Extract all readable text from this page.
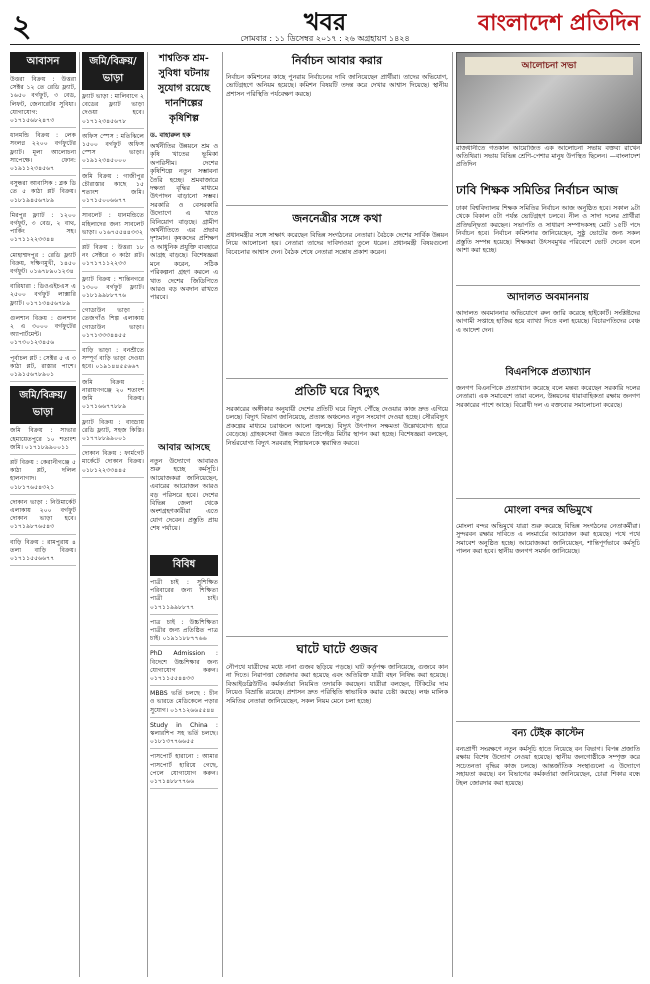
২	খবর	বাংলাদেশ প্রতিদিন
সোমবার : ১১ ডিসেম্বর ২০১৭ : ২৬ অগ্রহায়ণ ১৪২৪
আবাসন
উত্তরা বিক্রয় : উত্তরা সেক্টর ১২ তে রেডি ফ্ল্যাট, ১৬৫০ বর্গফুট, ৩ বেড, লিফট, জেনারেটর সুবিধা। যোগাযোগ: ০১৭১৫৬৮২৪৭৩
ধানমন্ডি বিক্রয় : লেক সংলগ্ন ২২০০ বর্গফুটের ফ্ল্যাট। মূল্য আলোচনা সাপেক্ষে। ফোন: ০১৯১১২৩৪৫৬৭
বসুন্ধরা আবাসিক : ব্লক ডি তে ৫ কাঠা প্লট বিক্রয়। ০১৮১৯৪৫৬৭৮৯
মিরপুর ফ্ল্যাট : ১২০০ বর্গফুট, ৩ বেড, ২ বাথ, পার্কিং সহ। ০১৭১১২২৩৩৪৪
মোহাম্মদপুর : রেডি ফ্ল্যাট বিক্রয়, দক্ষিণমুখী, ১৪৫০ বর্গফুট। ০১৬৭৮৯০১২৩৪
বারিধারা : ডিওএইচএস এ ২৫০০ বর্গফুট লাক্সারি ফ্ল্যাট। ০১৭১৩৪৫৬৭৮৯
গুলশান বিক্রয় : গুলশান ২ এ ৩০০০ বর্গফুটের অ্যাপার্টমেন্ট। ০১৭৩০১২৩৪৫৬
পূর্বাচল প্লট : সেক্টর ৫ এ ৩ কাঠা প্লট, রাস্তার পাশে। ০১৯১৫৬৭৮৯০১
জমি/বিক্রয়/ভাড়া
জমি বিক্রয় : সাভার হেমায়েতপুরে ১০ শতাংশ জমি। ০১৭১৮৯৯০০১১
প্লট বিক্রয় : কেরানীগঞ্জে ৫ কাঠা প্লট, দলিল হালনাগাদ। ০১৮১৭৬৫৪৩২১
দোকান ভাড়া : নিউমার্কেট এলাকায় ২০০ বর্গফুট দোকান ভাড়া হবে। ০১৭১৯৮৭৬৫৪৩
বাড়ি বিক্রয় : রামপুরায় ৪ তলা বাড়ি বিক্রয়। ০১৭১১৫৫৬৬৭৭
জমি/বিক্রয়/ভাড়া
ফ্ল্যাট ভাড়া : মালিবাগে ২ বেডের ফ্ল্যাট ভাড়া দেওয়া হবে। ০১৭১২৩৪৫৬৭৮
অফিস স্পেস : মতিঝিলে ১৫০০ বর্গফুট অফিস স্পেস ভাড়া। ০১৯১২৩৪৫০০০
জমি বিক্রয় : গাজীপুর চৌরাস্তার কাছে ১৫ শতাংশ জমি। ০১৭১৫০০৬৬৭৭
সাবলেট : ধানমন্ডিতে মহিলাদের জন্য সাবলেট ভাড়া। ০১৬৭৫৫৪৪৩৩২
প্লট বিক্রয় : উত্তরা ১৮ নং সেক্টরে ৩ কাঠা প্লট। ০১৭১৭১১২২৩৩
ফ্ল্যাট বিক্রয় : শান্তিনগরে ১৩০০ বর্গফুট ফ্ল্যাট। ০১৮১৯৯৮৮৭৭৬
গোডাউন ভাড়া : তেজগাঁও শিল্প এলাকায় গোডাউন ভাড়া। ০১৭১৩৩৩৪৪৫৫
বাড়ি ভাড়া : বনশ্রীতে সম্পূর্ণ বাড়ি ভাড়া দেওয়া হবে। ০১৯১৪৪৫৫৬৬৭
জমি বিক্রয় : নারায়ণগঞ্জে ২০ শতাংশ জমি বিক্রয়। ০১৭১৬৬৭৭৮৮৯
ফ্ল্যাট বিক্রয় : বাড্ডায় রেডি ফ্ল্যাট, সহজ কিস্তি। ০১৭৭৮৮৯৯০০১
দোকান বিক্রয় : ফার্মগেট মার্কেটে দোকান বিক্রয়। ০১৮১২২৩৩৪৪৫
শাশ্বতিক শ্রম-সুবিধা ঘটনায় সুযোগ রয়েছে দানশিল্পের কৃষিশিল্প
ড. বাহারুল হক

অর্থনীতির উন্নয়নে শ্রম ও কৃষি খাতের ভূমিকা অপরিসীম। দেশের কৃষিশিল্পে নতুন সম্ভাবনা তৈরি হচ্ছে। শ্রমবাজারে দক্ষতা বৃদ্ধির মাধ্যমে উৎপাদন বাড়ানো সম্ভব। সরকারি ও বেসরকারি উদ্যোগে এ খাতে বিনিয়োগ বাড়ছে। গ্রামীণ অর্থনীতিতে এর প্রভাব দৃশ্যমান। কৃষকদের প্রশিক্ষণ ও আধুনিক প্রযুক্তি ব্যবহারে আগ্রহ বাড়ছে। বিশেষজ্ঞরা মনে করেন, সঠিক পরিকল্পনা গ্রহণ করলে এ খাত দেশের জিডিপিতে আরও বড় অবদান রাখতে পারবে।

আবার আসছে

নতুন উদ্যোগে আবারও শুরু হচ্ছে কর্মসূচি। আয়োজকরা জানিয়েছেন, এবারের আয়োজন আরও বড় পরিসরে হবে। দেশের বিভিন্ন জেলা থেকে অংশগ্রহণকারীরা এতে যোগ দেবেন। প্রস্তুতি প্রায় শেষ পর্যায়ে।

বিবিধ
পাত্রী চাই : সুশিক্ষিত পরিবারের জন্য শিক্ষিতা পাত্রী চাই। ০১৭১১৯৯৮৮৭৭
পাত্র চাই : উচ্চশিক্ষিতা পাত্রীর জন্য প্রতিষ্ঠিত পাত্র চাই। ০১৯১১৮৮৭৭৬৬
PhD Admission : বিদেশে উচ্চশিক্ষার জন্য যোগাযোগ করুন। ০১৭১১৫৫৪৪৩৩
MBBS ভর্তি চলছে : চীন ও ভারতে মেডিকেলে পড়ার সুযোগ। ০১৭১২৬৬৫৫৪৪
Study in China : স্কলারশিপ সহ ভর্তি চলছে। ০১৮১৩৭৭৬৬৫৫
পাসপোর্ট হারানো : আমার পাসপোর্ট হারিয়ে গেছে, পেলে যোগাযোগ করুন। ০১৭১৪৮৮৭৭৬৬
নির্বাচন আবার করার

নির্বাচন কমিশনের কাছে পুনরায় নির্বাচনের দাবি জানিয়েছেন প্রার্থীরা। তাদের অভিযোগ, ভোটগ্রহণে অনিয়ম হয়েছে। কমিশন বিষয়টি তদন্ত করে দেখার আশ্বাস দিয়েছে। স্থানীয় প্রশাসন পরিস্থিতি পর্যবেক্ষণ করছে।

জননেত্রীর সঙ্গে কথা

প্রধানমন্ত্রীর সঙ্গে সাক্ষাৎ করেছেন বিভিন্ন সংগঠনের নেতারা। বৈঠকে দেশের সার্বিক উন্নয়ন নিয়ে আলোচনা হয়। নেতারা তাদের দাবিদাওয়া তুলে ধরেন। প্রধানমন্ত্রী বিষয়গুলো বিবেচনার আশ্বাস দেন। বৈঠক শেষে নেতারা সন্তোষ প্রকাশ করেন।

প্রতিটি ঘরে বিদ্যুৎ

সরকারের অঙ্গীকার অনুযায়ী দেশের প্রতিটি ঘরে বিদ্যুৎ পৌঁছে দেওয়ার কাজ দ্রুত এগিয়ে চলছে। বিদ্যুৎ বিভাগ জানিয়েছে, প্রত্যন্ত অঞ্চলেও নতুন সংযোগ দেওয়া হচ্ছে। সৌরবিদ্যুৎ প্রকল্পের মাধ্যমে চরাঞ্চলে আলো জ্বলছে। বিদ্যুৎ উৎপাদন সক্ষমতা উল্লেখযোগ্য হারে বেড়েছে। গ্রাহকসেবা উন্নত করতে প্রিপেইড মিটার স্থাপন করা হচ্ছে। বিশেষজ্ঞরা বলছেন, নির্ভরযোগ্য বিদ্যুৎ সরবরাহ শিল্পায়নকে ত্বরান্বিত করবে।

ঘাটে ঘাটে গুজব

নৌপথে যাত্রীদের মধ্যে নানা গুজব ছড়িয়ে পড়ছে। ঘাট কর্তৃপক্ষ জানিয়েছে, গুজবে কান না দিতে। নিরাপত্তা জোরদার করা হয়েছে এবং অতিরিক্ত যাত্রী বহন নিষিদ্ধ করা হয়েছে। বিআইডব্লিউটিএ কর্মকর্তারা নিয়মিত তদারকি করছেন। যাত্রীরা বলছেন, টিকিটের দাম নিয়েও বিভ্রান্তি রয়েছে। প্রশাসন দ্রুত পরিস্থিতি স্বাভাবিক করার চেষ্টা করছে। লঞ্চ মালিক সমিতির নেতারা জানিয়েছেন, সকল নিয়ম মেনে চলা হচ্ছে।

আলোচনা সভা
রাজধানীতে গতকাল আয়োজিত এক আলোচনা সভায় বক্তব্য রাখেন অতিথিরা। সভায় বিভিন্ন শ্রেণি-পেশার মানুষ উপস্থিত ছিলেন। —বাংলাদেশ প্রতিদিন
ঢাবি শিক্ষক সমিতির নির্বাচন আজ

ঢাকা বিশ্ববিদ্যালয় শিক্ষক সমিতির নির্বাচন আজ অনুষ্ঠিত হবে। সকাল ৯টা থেকে বিকাল ৫টা পর্যন্ত ভোটগ্রহণ চলবে। নীল ও সাদা দলের প্রার্থীরা প্রতিদ্বন্দ্বিতা করছেন। সভাপতি ও সাধারণ সম্পাদকসহ মোট ১৫টি পদে নির্বাচন হবে। নির্বাচন কমিশনার জানিয়েছেন, সুষ্ঠু ভোটের জন্য সকল প্রস্তুতি সম্পন্ন হয়েছে। শিক্ষকরা উৎসবমুখর পরিবেশে ভোট দেবেন বলে আশা করা হচ্ছে।

আদালত অবমাননায়

আদালত অবমাননার অভিযোগে রুল জারি করেছে হাইকোর্ট। সংশ্লিষ্টদের আগামী সপ্তাহে হাজির হয়ে ব্যাখ্যা দিতে বলা হয়েছে। বিচারপতিদের বেঞ্চ এ আদেশ দেন।

বিএনপিকে প্রত্যাখ্যান

জনগণ বিএনপিকে প্রত্যাখ্যান করেছে বলে মন্তব্য করেছেন সরকারি দলের নেতারা। এক সমাবেশে তারা বলেন, উন্নয়নের ধারাবাহিকতা রক্ষায় জনগণ সরকারের পাশে আছে। বিরোধী দল এ বক্তব্যের সমালোচনা করেছে।

মোংলা বন্দর অভিমুখে

মোংলা বন্দর অভিমুখে যাত্রা শুরু করেছে বিভিন্ন সংগঠনের নেতাকর্মীরা। সুন্দরবন রক্ষার দাবিতে এ লংমার্চের আয়োজন করা হয়েছে। পথে পথে সমাবেশ অনুষ্ঠিত হচ্ছে। আয়োজকরা জানিয়েছেন, শান্তিপূর্ণভাবে কর্মসূচি পালন করা হবে। স্থানীয় জনগণ সমর্থন জানিয়েছে।

বন্য টেইক কাস্টেন

বন্যপ্রাণী সংরক্ষণে নতুন কর্মসূচি হাতে নিয়েছে বন বিভাগ। বিপন্ন প্রজাতি রক্ষায় বিশেষ উদ্যোগ নেওয়া হয়েছে। স্থানীয় জনগোষ্ঠীকে সম্পৃক্ত করে সচেতনতা বৃদ্ধির কাজ চলছে। আন্তর্জাতিক সংস্থাগুলো এ উদ্যোগে সহায়তা করছে। বন বিভাগের কর্মকর্তারা জানিয়েছেন, চোরা শিকার বন্ধে টহল জোরদার করা হয়েছে।
